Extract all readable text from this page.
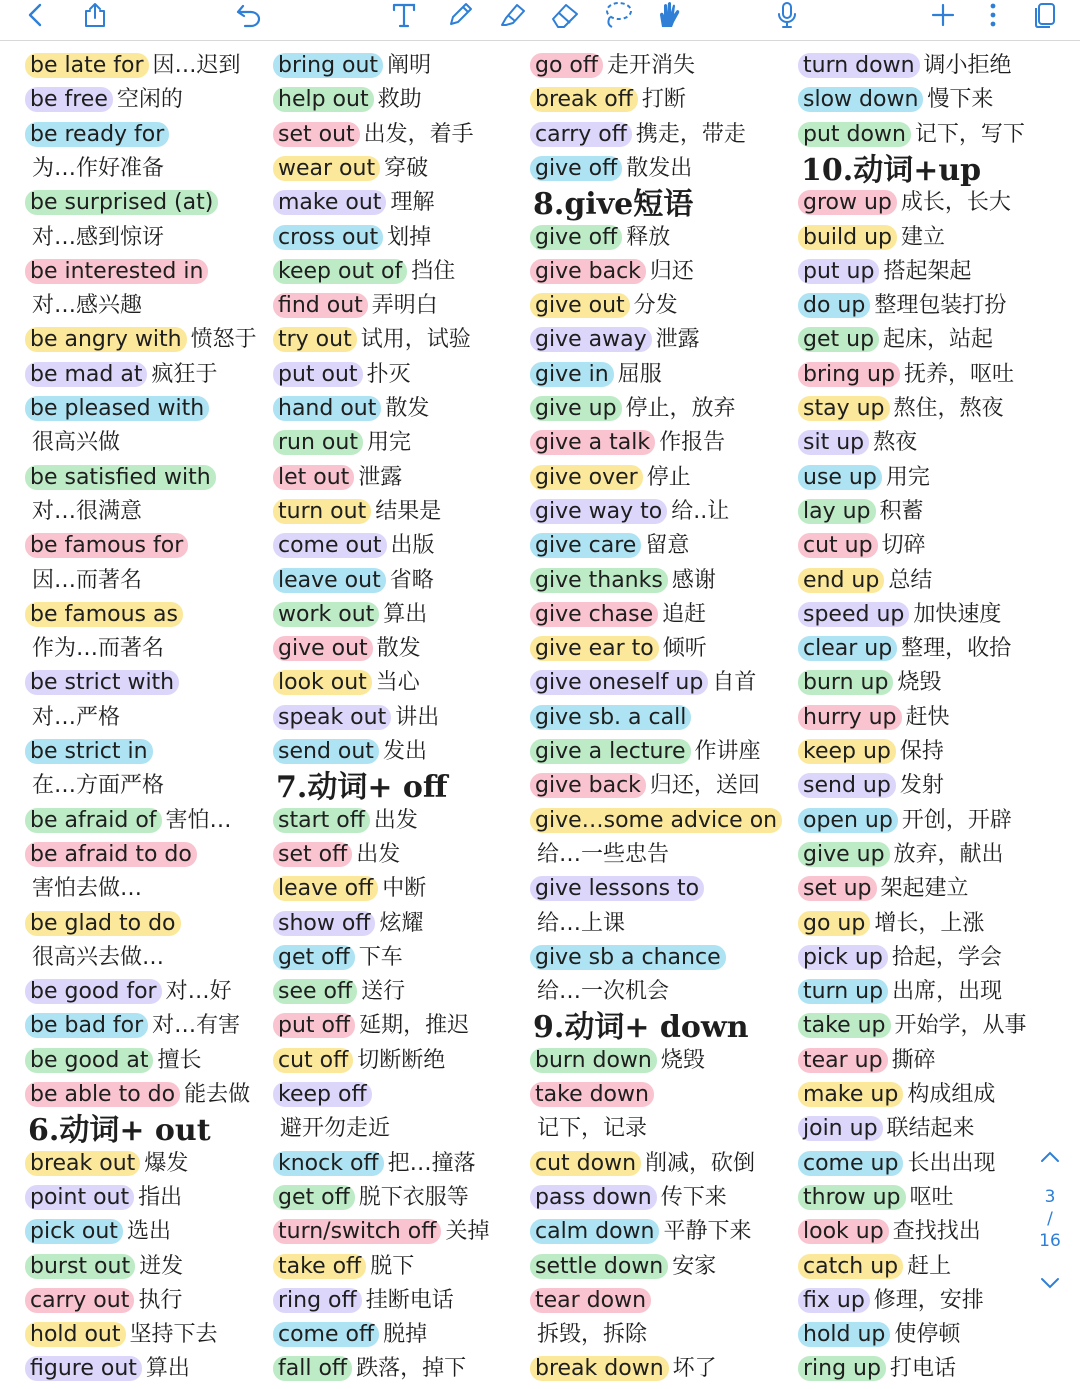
be late for 因…迟到
be free 空闲的
be ready for
为…作好准备
be surprised (at)
对…感到惊讶
be interested in
对…感兴趣
be angry with 愤怒于
be mad at 疯狂于
be pleased with
很高兴做
be satisfied with
对…很满意
be famous for
因…而著名
be famous as
作为…而著名
be strict with
对…严格
be strict in
在…方面严格
be afraid of 害怕…
be afraid to do
害怕去做…
be glad to do
很高兴去做…
be good for 对…好
be bad for 对…有害
be good at 擅长
be able to do 能去做
6.动词+ out
break out 爆发
point out 指出
pick out 选出
burst out 迸发
carry out 执行
hold out 坚持下去
figure out 算出
bring out 阐明
help out 救助
set out 出发，着手
wear out 穿破
make out 理解
cross out 划掉
keep out of 挡住
find out 弄明白
try out 试用，试验
put out 扑灭
hand out 散发
run out 用完
let out 泄露
turn out 结果是
come out 出版
leave out 省略
work out 算出
give out 散发
look out 当心
speak out 讲出
send out 发出
7.动词+ off
start off 出发
set off 出发
leave off 中断
show off 炫耀
get off 下车
see off 送行
put off 延期，推迟
cut off 切断断绝
keep off
避开勿走近
knock off 把…撞落
get off 脱下衣服等
turn/switch off 关掉
take off 脱下
ring off 挂断电话
come off 脱掉
fall off 跌落，掉下
go off 走开消失
break off 打断
carry off 携走，带走
give off 散发出
8.give短语
give off 释放
give back 归还
give out 分发
give away 泄露
give in 屈服
give up 停止，放弃
give a talk 作报告
give over 停止
give way to 给..让
give care 留意
give thanks 感谢
give chase 追赶
give ear to 倾听
give oneself up 自首
give sb. a call
give a lecture 作讲座
give back 归还，送回
give…some advice on
给…一些忠告
give lessons to
给…上课
give sb a chance
给…一次机会
9.动词+ down
burn down 烧毁
take down
记下，记录
cut down 削减，砍倒
pass down 传下来
calm down 平静下来
settle down 安家
tear down
拆毁，拆除
break down 坏了
turn down 调小拒绝
slow down 慢下来
put down 记下，写下
10.动词+up
grow up 成长，长大
build up 建立
put up 搭起架起
do up 整理包装打扮
get up 起床，站起
bring up 抚养，呕吐
stay up 熬住，熬夜
sit up 熬夜
use up 用完
lay up 积蓄
cut up 切碎
end up 总结
speed up 加快速度
clear up 整理，收拾
burn up 烧毁
hurry up 赶快
keep up 保持
send up 发射
open up 开创，开辟
give up 放弃，献出
set up 架起建立
go up 增长，上涨
pick up 拾起，学会
turn up 出席，出现
take up 开始学，从事
tear up 撕碎
make up 构成组成
join up 联结起来
come up 长出出现
throw up 呕吐
look up 查找找出
catch up 赶上
fix up 修理，安排
hold up 使停顿
ring up 打电话
3
/
16
